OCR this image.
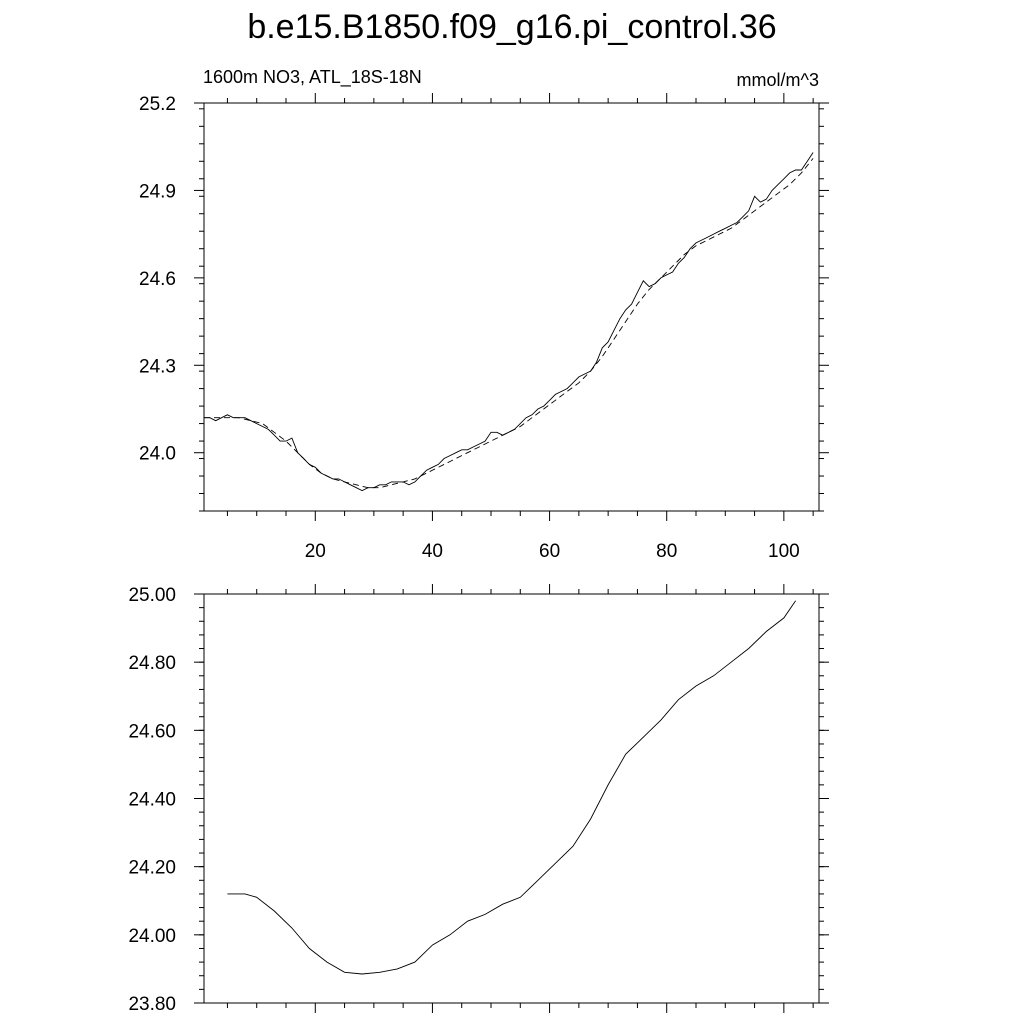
b.e15.B1850.f09_g16.pi_control.36
1600m NO3, ATL_18S-18N	mmol/m^3
20	40	60	80	100
24.0
24.3
24.6
24.9
25.2
23.80
24.00
24.20
24.40
24.60
24.80
25.00
